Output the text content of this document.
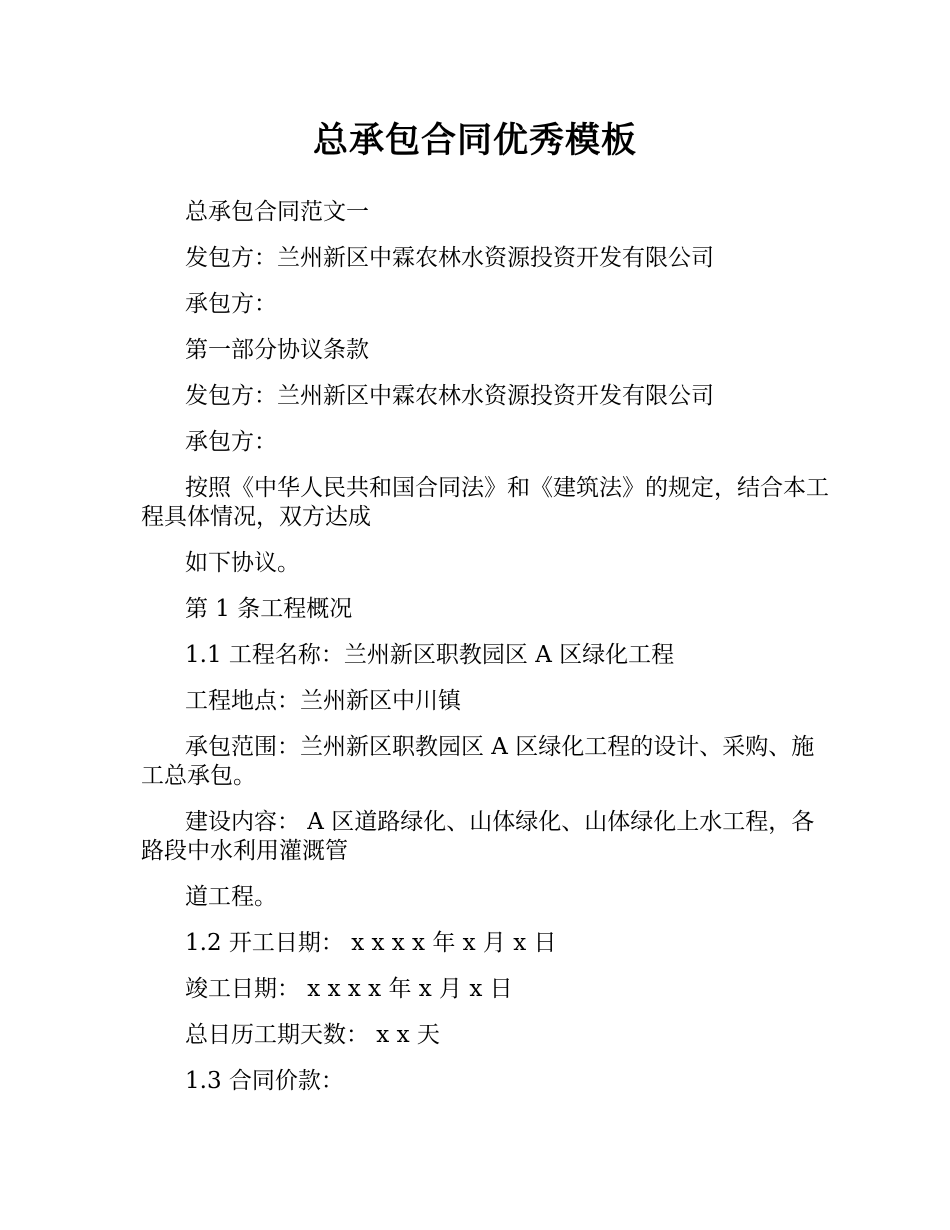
总承包合同优秀模板

总承包合同范文一

发包方：兰州新区中霖农林水资源投资开发有限公司

承包方：

第一部分协议条款

发包方：兰州新区中霖农林水资源投资开发有限公司

承包方：

按照《中华人民共和国合同法》和《建筑法》的规定，结合本工程具体情况，双方达成

如下协议。

第 1 条工程概况

1.1 工程名称：兰州新区职教园区 A 区绿化工程

工程地点：兰州新区中川镇

承包范围：兰州新区职教园区 A 区绿化工程的设计、采购、施工总承包。

建设内容： A 区道路绿化、山体绿化、山体绿化上水工程，各路段中水利用灌溉管

道工程。

1.2 开工日期： x x x x 年 x 月 x 日

竣工日期： x x x x 年 x 月 x 日

总日历工期天数： x x 天

1.3 合同价款：
